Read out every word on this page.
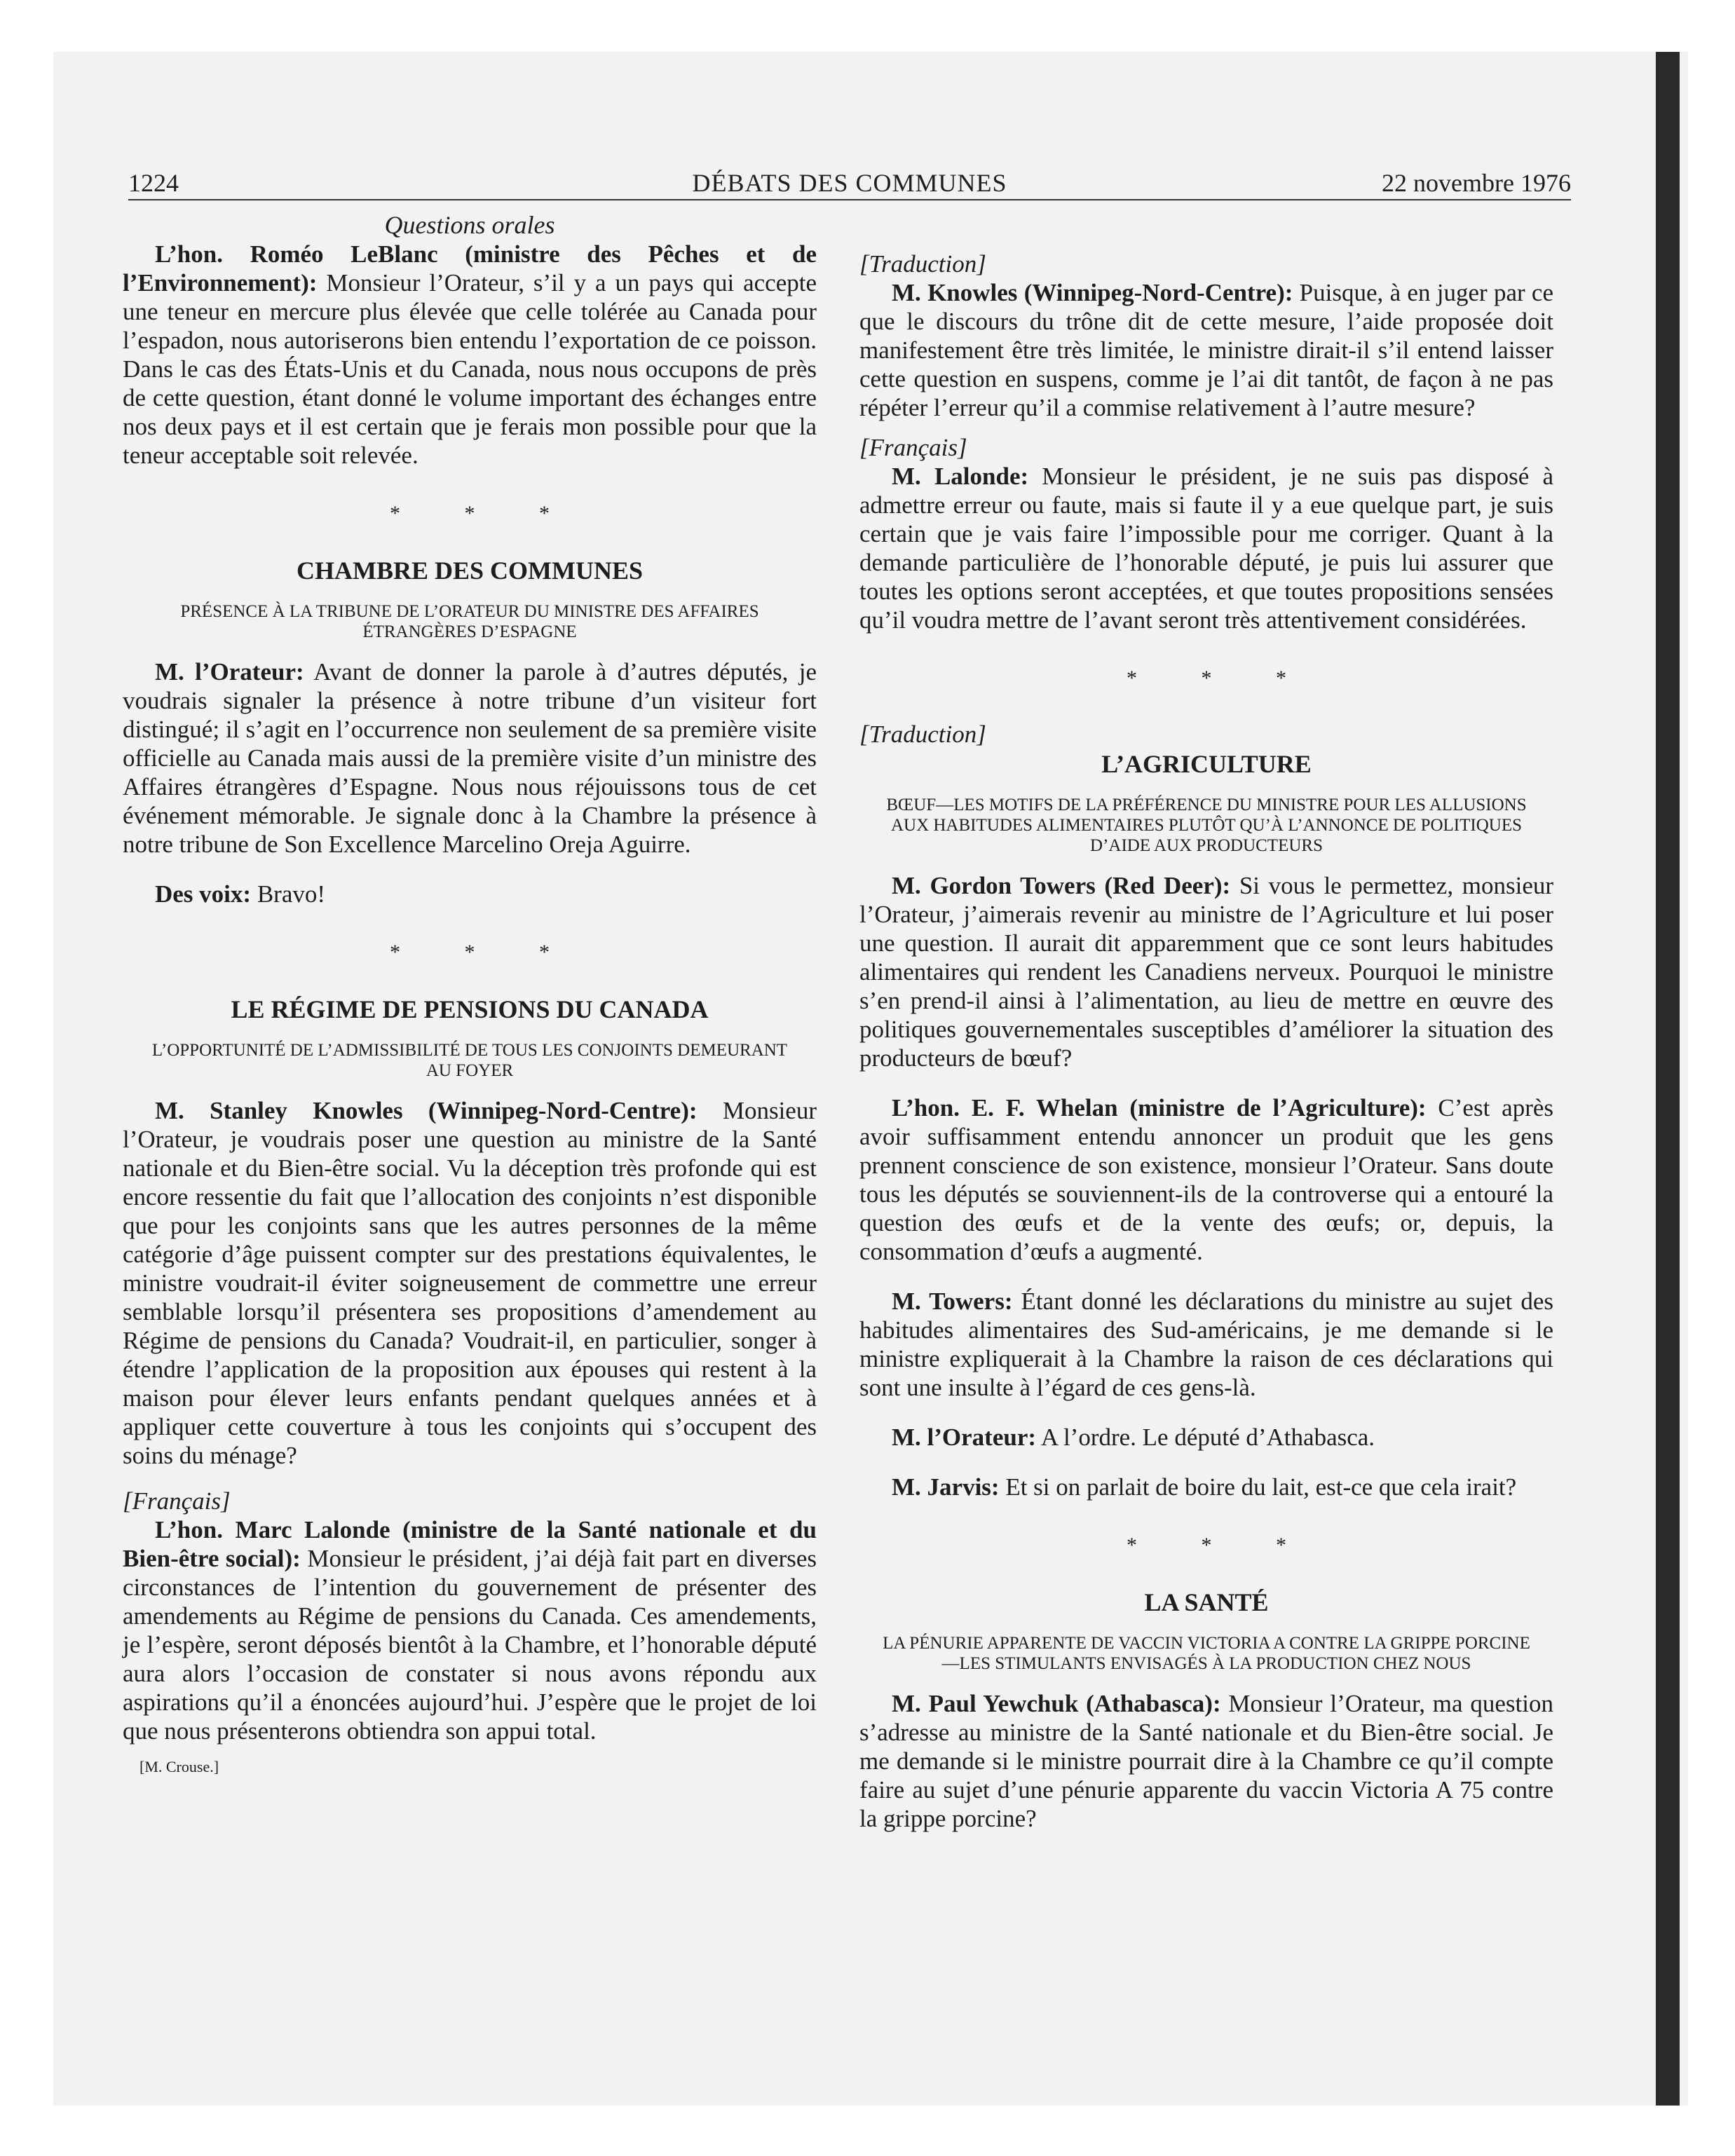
1224	DÉBATS DES COMMUNES	22 novembre 1976
Questions orales

L’hon. Roméo LeBlanc (ministre des Pêches et de l’Environnement): Monsieur l’Orateur, s’il y a un pays qui accepte une teneur en mercure plus élevée que celle tolérée au Canada pour l’espadon, nous autoriserons bien entendu l’exportation de ce poisson. Dans le cas des États-Unis et du Canada, nous nous occupons de près de cette question, étant donné le volume important des échanges entre nos deux pays et il est certain que je ferais mon possible pour que la teneur acceptable soit relevée.

* * *
CHAMBRE DES COMMUNES
PRÉSENCE À LA TRIBUNE DE L’ORATEUR DU MINISTRE DES AFFAIRES ÉTRANGÈRES D’ESPAGNE

M. l’Orateur: Avant de donner la parole à d’autres députés, je voudrais signaler la présence à notre tribune d’un visiteur fort distingué; il s’agit en l’occurrence non seulement de sa première visite officielle au Canada mais aussi de la première visite d’un ministre des Affaires étrangères d’Espagne. Nous nous réjouissons tous de cet événement mémorable. Je signale donc à la Chambre la présence à notre tribune de Son Excellence Marcelino Oreja Aguirre.

Des voix: Bravo!

* * *
LE RÉGIME DE PENSIONS DU CANADA
L’OPPORTUNITÉ DE L’ADMISSIBILITÉ DE TOUS LES CONJOINTS DEMEURANT AU FOYER

M. Stanley Knowles (Winnipeg-Nord-Centre): Monsieur l’Orateur, je voudrais poser une question au ministre de la Santé nationale et du Bien-être social. Vu la déception très profonde qui est encore ressentie du fait que l’allocation des conjoints n’est disponible que pour les conjoints sans que les autres personnes de la même catégorie d’âge puissent compter sur des prestations équivalentes, le ministre voudrait-il éviter soigneusement de commettre une erreur semblable lorsqu’il présentera ses propositions d’amendement au Régime de pensions du Canada? Voudrait-il, en particulier, songer à étendre l’application de la proposition aux épouses qui restent à la maison pour élever leurs enfants pendant quelques années et à appliquer cette couverture à tous les conjoints qui s’occupent des soins du ménage?

[Français]

L’hon. Marc Lalonde (ministre de la Santé nationale et du Bien-être social): Monsieur le président, j’ai déjà fait part en diverses circonstances de l’intention du gouvernement de présenter des amendements au Régime de pensions du Canada. Ces amendements, je l’espère, seront déposés bientôt à la Chambre, et l’honorable député aura alors l’occasion de constater si nous avons répondu aux aspirations qu’il a énoncées aujourd’hui. J’espère que le projet de loi que nous présenterons obtiendra son appui total.

[M. Crouse.]
[Traduction]

M. Knowles (Winnipeg-Nord-Centre): Puisque, à en juger par ce que le discours du trône dit de cette mesure, l’aide proposée doit manifestement être très limitée, le ministre dirait-il s’il entend laisser cette question en suspens, comme je l’ai dit tantôt, de façon à ne pas répéter l’erreur qu’il a commise relativement à l’autre mesure?

[Français]

M. Lalonde: Monsieur le président, je ne suis pas disposé à admettre erreur ou faute, mais si faute il y a eue quelque part, je suis certain que je vais faire l’impossible pour me corriger. Quant à la demande particulière de l’honorable député, je puis lui assurer que toutes les options seront acceptées, et que toutes propositions sensées qu’il voudra mettre de l’avant seront très attentivement considérées.

* * *
[Traduction]
L’AGRICULTURE
BŒUF—LES MOTIFS DE LA PRÉFÉRENCE DU MINISTRE POUR LES ALLUSIONS AUX HABITUDES ALIMENTAIRES PLUTÔT QU’À L’ANNONCE DE POLITIQUES D’AIDE AUX PRODUCTEURS

M. Gordon Towers (Red Deer): Si vous le permettez, monsieur l’Orateur, j’aimerais revenir au ministre de l’Agriculture et lui poser une question. Il aurait dit apparemment que ce sont leurs habitudes alimentaires qui rendent les Canadiens nerveux. Pourquoi le ministre s’en prend-il ainsi à l’alimentation, au lieu de mettre en œuvre des politiques gouvernementales susceptibles d’améliorer la situation des producteurs de bœuf?

L’hon. E. F. Whelan (ministre de l’Agriculture): C’est après avoir suffisamment entendu annoncer un produit que les gens prennent conscience de son existence, monsieur l’Orateur. Sans doute tous les députés se souviennent-ils de la controverse qui a entouré la question des œufs et de la vente des œufs; or, depuis, la consommation d’œufs a augmenté.

M. Towers: Étant donné les déclarations du ministre au sujet des habitudes alimentaires des Sud-américains, je me demande si le ministre expliquerait à la Chambre la raison de ces déclarations qui sont une insulte à l’égard de ces gens-là.

M. l’Orateur: A l’ordre. Le député d’Athabasca.

M. Jarvis: Et si on parlait de boire du lait, est-ce que cela irait?

* * *
LA SANTÉ
LA PÉNURIE APPARENTE DE VACCIN VICTORIA A CONTRE LA GRIPPE PORCINE—LES STIMULANTS ENVISAGÉS À LA PRODUCTION CHEZ NOUS

M. Paul Yewchuk (Athabasca): Monsieur l’Orateur, ma question s’adresse au ministre de la Santé nationale et du Bien-être social. Je me demande si le ministre pourrait dire à la Chambre ce qu’il compte faire au sujet d’une pénurie apparente du vaccin Victoria A 75 contre la grippe porcine?
